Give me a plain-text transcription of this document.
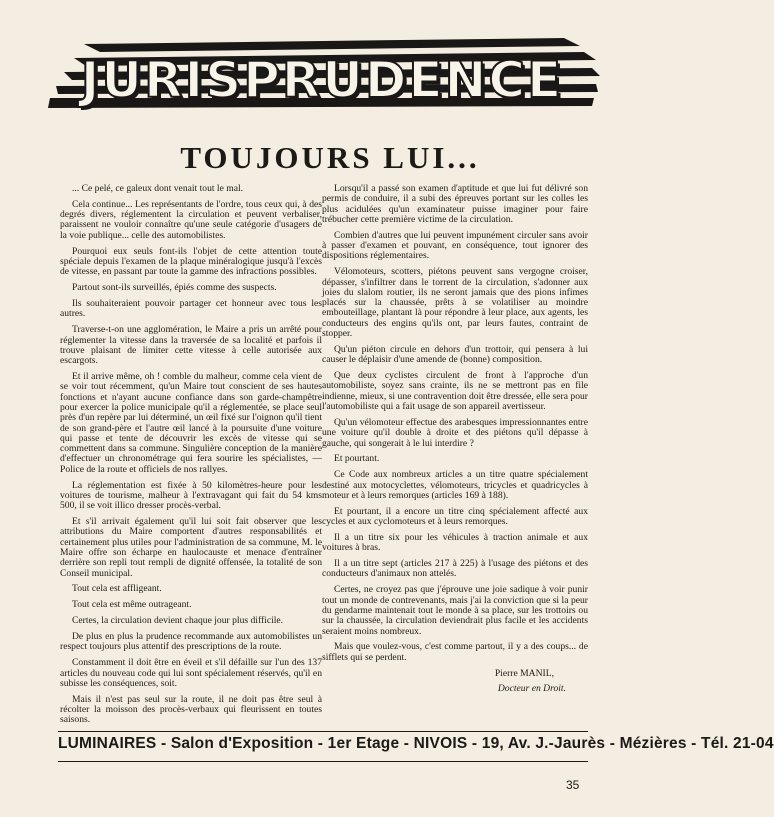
JURISPRUDENCE
TOUJOURS LUI...

... Ce pelé, ce galeux dont venait tout le mal.

Cela continue... Les représentants de l'ordre, tous ceux qui, à des degrés divers, réglementent la circulation et peuvent verbaliser, paraissent ne vouloir connaître qu'une seule catégorie d'usagers de la voie publique... celle des automobilistes.

Pourquoi eux seuls font-ils l'objet de cette attention toute spéciale depuis l'examen de la plaque minéralogique jusqu'à l'excès de vitesse, en passant par toute la gamme des infractions possibles.

Partout sont-ils surveillés, épiés comme des suspects.

Ils souhaiteraient pouvoir partager cet honneur avec tous les autres.

Traverse-t-on une agglomération, le Maire a pris un arrêté pour réglementer la vitesse dans la traversée de sa localité et parfois il trouve plaisant de limiter cette vitesse à celle autorisée aux escargots.

Et il arrive même, oh ! comble du malheur, comme cela vient de se voir tout récemment, qu'un Maire tout conscient de ses hautes fonctions et n'ayant aucune confiance dans son garde-champêtre pour exercer la police municipale qu'il a réglementée, se place seul près d'un repère par lui déterminé, un œil fixé sur l'oignon qu'il tient de son grand-père et l'autre œil lancé à la poursuite d'une voiture qui passe et tente de découvrir les excès de vitesse qui se commettent dans sa commune. Singulière conception de la manière d'effectuer un chronométrage qui fera sourire les spécialistes, — Police de la route et officiels de nos rallyes.

La réglementation est fixée à 50 kilomètres-heure pour les voitures de tourisme, malheur à l'extravagant qui fait du 54 kms 500, il se voit illico dresser procès-verbal.

Et s'il arrivait également qu'il lui soit fait observer que les attributions du Maire comportent d'autres responsabilités et certainement plus utiles pour l'administration de sa commune, M. le Maire offre son écharpe en haulocauste et menace d'entraîner derrière son repli tout rempli de dignité offensée, la totalité de son Conseil municipal.

Tout cela est affligeant.

Tout cela est même outrageant.

Certes, la circulation devient chaque jour plus difficile.

De plus en plus la prudence recommande aux automobilistes un respect toujours plus attentif des prescriptions de la route.

Constamment il doit être en éveil et s'il défaille sur l'un des 137 articles du nouveau code qui lui sont spécialement réservés, qu'il en subisse les conséquences, soit.

Mais il n'est pas seul sur la route, il ne doit pas être seul à récolter la moisson des procès-verbaux qui fleurissent en toutes saisons.

Lorsqu'il a passé son examen d'aptitude et que lui fut délivré son permis de conduire, il a subi des épreuves portant sur les colles les plus acidulées qu'un examinateur puisse imaginer pour faire trébucher cette première victime de la circulation.

Combien d'autres que lui peuvent impunément circuler sans avoir à passer d'examen et pouvant, en conséquence, tout ignorer des dispositions réglementaires.

Vélomoteurs, scotters, piétons peuvent sans vergogne croiser, dépasser, s'infiltrer dans le torrent de la circulation, s'adonner aux joies du slalom routier, ils ne seront jamais que des pions infimes placés sur la chaussée, prêts à se volatiliser au moindre embouteillage, plantant là pour répondre à leur place, aux agents, les conducteurs des engins qu'ils ont, par leurs fautes, contraint de stopper.

Qu'un piéton circule en dehors d'un trottoir, qui pensera à lui causer le déplaisir d'une amende de (bonne) composition.

Que deux cyclistes circulent de front à l'approche d'un automobiliste, soyez sans crainte, ils ne se mettront pas en file indienne, mieux, si une contravention doit être dressée, elle sera pour l'automobiliste qui a fait usage de son appareil avertisseur.

Qu'un vélomoteur effectue des arabesques impressionnantes entre une voiture qu'il double à droite et des piétons qu'il dépasse à gauche, qui songerait à le lui interdire ?

Et pourtant.

Ce Code aux nombreux articles a un titre quatre spécialement destiné aux motocyclettes, vélomoteurs, tricycles et quadricycles à moteur et à leurs remorques (articles 169 à 188).

Et pourtant, il a encore un titre cinq spécialement affecté aux cycles et aux cyclomoteurs et à leurs remorques.

Il a un titre six pour les véhicules à traction animale et aux voitures à bras.

Il a un titre sept (articles 217 à 225) à l'usage des piétons et des conducteurs d'animaux non attelés.

Certes, ne croyez pas que j'éprouve une joie sadique à voir punir tout un monde de contrevenants, mais j'ai la conviction que si la peur du gendarme maintenait tout le monde à sa place, sur les trottoirs ou sur la chaussée, la circulation deviendrait plus facile et les accidents seraient moins nombreux.

Mais que voulez-vous, c'est comme partout, il y a des coups... de sifflets qui se perdent.

Pierre MANIL,

Docteur en Droit.

LUMINAIRES - Salon d'Exposition - 1er Etage - NIVOIS - 19, Av. J.-Jaurès - Mézières - Tél. 21-04
35
